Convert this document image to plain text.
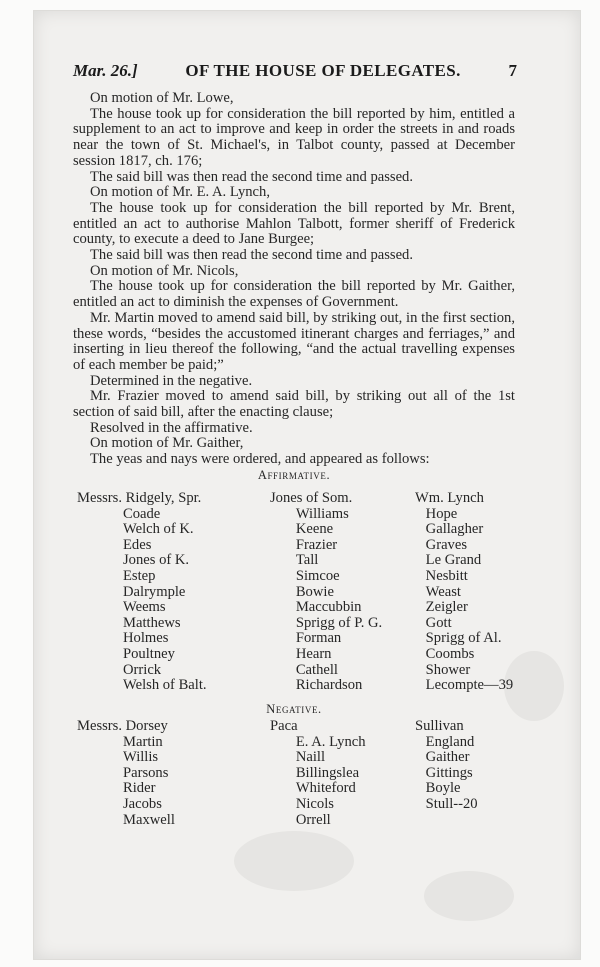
Mar. 26.]	OF THE HOUSE OF DELEGATES.	7

On motion of Mr. Lowe,

The house took up for consideration the bill reported by him, entitled a supplement to an act to improve and keep in order the streets in and roads near the town of St. Michael's, in Talbot county, passed at December session 1817, ch. 176;

The said bill was then read the second time and passed.

On motion of Mr. E. A. Lynch,

The house took up for consideration the bill reported by Mr. Brent, entitled an act to authorise Mahlon Talbott, former sheriff of Frederick county, to execute a deed to Jane Burgee;

The said bill was then read the second time and passed.

On motion of Mr. Nicols,

The house took up for consideration the bill reported by Mr. Gaither, entitled an act to diminish the expenses of Government.

Mr. Martin moved to amend said bill, by striking out, in the first section, these words, “besides the accustomed itinerant charges and ferriages,” and inserting in lieu thereof the following, “and the actual travelling expenses of each member be paid;”

Determined in the negative.

Mr. Frazier moved to amend said bill, by striking out all of the 1st section of said bill, after the enacting clause;

Resolved in the affirmative.

On motion of Mr. Gaither,

The yeas and nays were ordered, and appeared as follows:

Affirmative.
Messrs. Ridgely, Spr.	Jones of Som.	Wm. Lynch
Coade	Williams	Hope
Welch of K.	Keene	Gallagher
Edes	Frazier	Graves
Jones of K.	Tall	Le Grand
Estep	Simcoe	Nesbitt
Dalrymple	Bowie	Weast
Weems	Maccubbin	Zeigler
Matthews	Sprigg of P. G.	Gott
Holmes	Forman	Sprigg of Al.
Poultney	Hearn	Coombs
Orrick	Cathell	Shower
Welsh of Balt.	Richardson	Lecompte—39
Negative.
Messrs. Dorsey	Paca	Sullivan
Martin	E. A. Lynch	England
Willis	Naill	Gaither
Parsons	Billingslea	Gittings
Rider	Whiteford	Boyle
Jacobs	Nicols	Stull--20
Maxwell	Orrell
